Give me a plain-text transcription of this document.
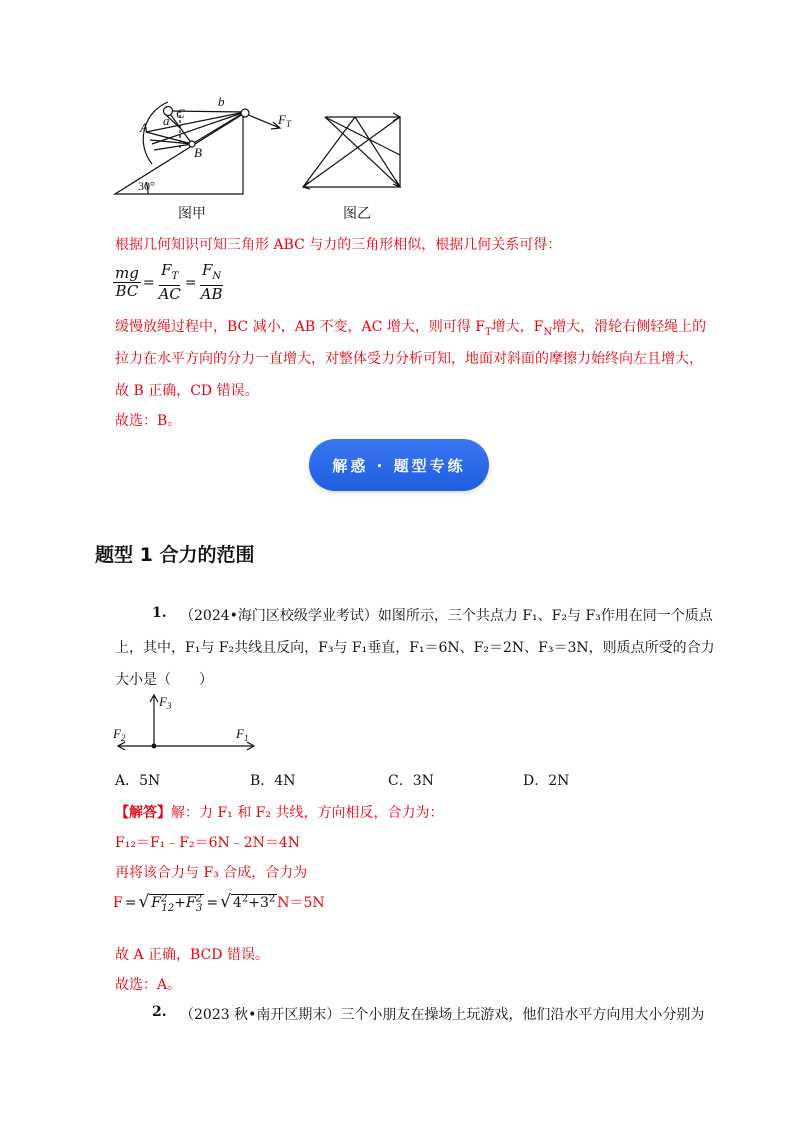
b
C
a
A
B
$F_T$
30°
图甲	图乙
根据几何知识可知三角形 ABC 与力的三角形相似，根据几何关系可得：
$\frac{mg}{BC} = \frac{F_T}{AC} = \frac{F_N}{AB}$
缓慢放绳过程中，BC 减小，AB 不变，AC 增大，则可得 $F_T$增大，$F_N$增大，滑轮右侧轻绳上的
拉力在水平方向的分力一直增大，对整体受力分析可知，地面对斜面的摩擦力始终向左且增大，
故 B 正确，CD 错误。
故选：B。
解惑 · 题型专练
题型 1 合力的范围
1. （2024•海门区校级学业考试）如图所示，三个共点力 F₁、F₂与 F₃作用在同一个质点
上，其中，F₁与 F₂共线且反向，F₃与 F₁垂直，F₁＝6N、F₂＝2N、F₃＝3N，则质点所受的合力
大小是（　　）
$F_3$
$F_2$	$F_1$
A．5N	B．4N	C．3N	D．2N
【解答】解：力 F₁ 和 F₂ 共线，方向相反，合力为：
F₁₂＝F₁﹣F₂＝6N﹣2N＝4N
再将该合力与 F₃ 合成，合力为
F = √ $F^2_{12}+F^2_3$ = √ $4^2+3^2$ N＝5N
故 A 正确，BCD 错误。
故选：A。
2. （2023 秋•南开区期末）三个小朋友在操场上玩游戏，他们沿水平方向用大小分别为
